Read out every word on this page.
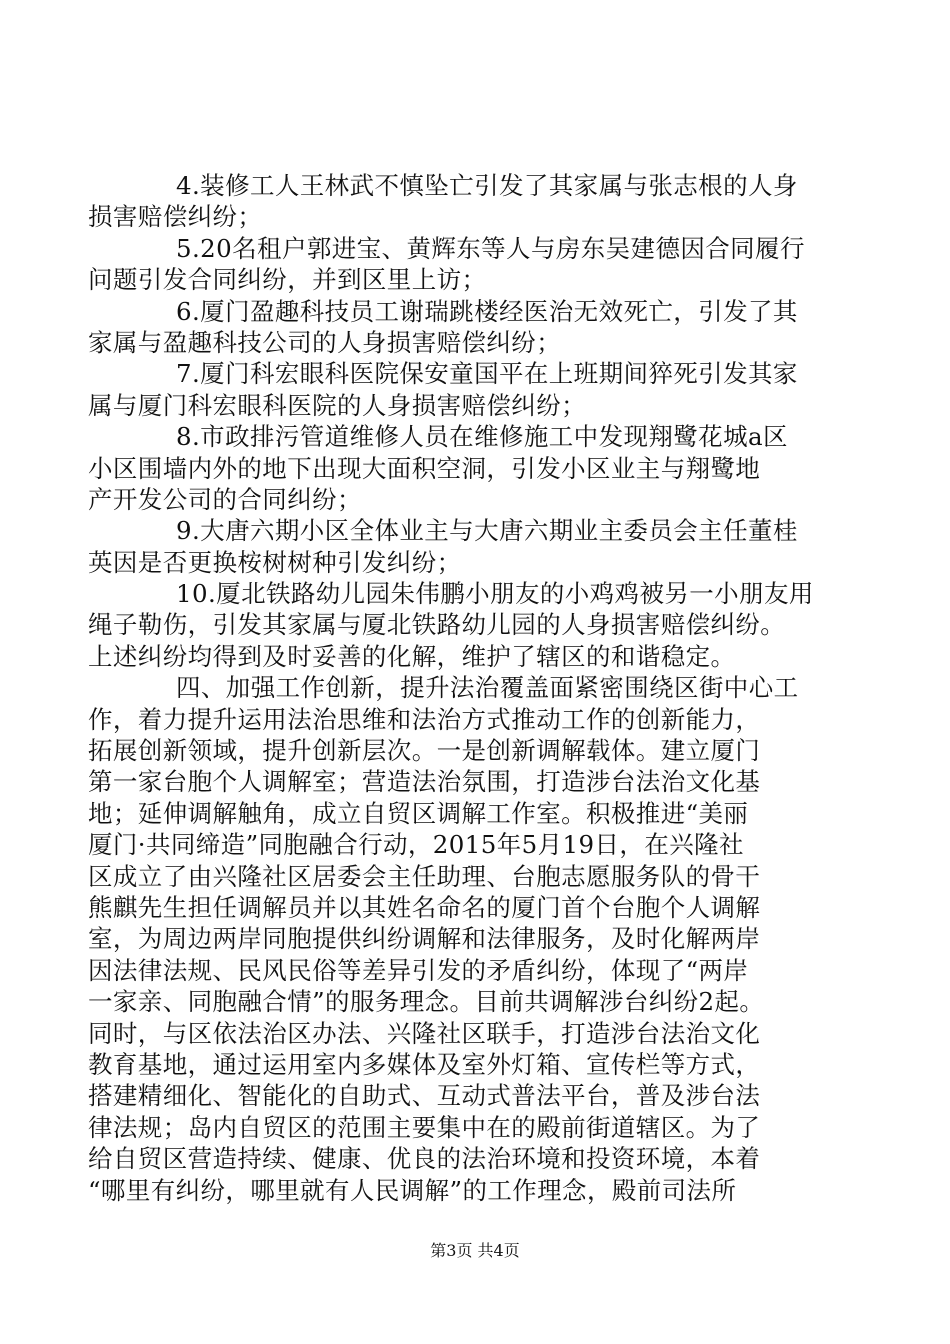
4.装修工人王林武不慎坠亡引发了其家属与张志根的人身
损害赔偿纠纷；
5.20名租户郭进宝、黄辉东等人与房东吴建德因合同履行
问题引发合同纠纷，并到区里上访；
6.厦门盈趣科技员工谢瑞跳楼经医治无效死亡，引发了其
家属与盈趣科技公司的人身损害赔偿纠纷；
7.厦门科宏眼科医院保安童国平在上班期间猝死引发其家
属与厦门科宏眼科医院的人身损害赔偿纠纷；
8.市政排污管道维修人员在维修施工中发现翔鹭花城a区
小区围墙内外的地下出现大面积空洞，引发小区业主与翔鹭地
产开发公司的合同纠纷；
9.大唐六期小区全体业主与大唐六期业主委员会主任董桂
英因是否更换桉树树种引发纠纷；
10.厦北铁路幼儿园朱伟鹏小朋友的小鸡鸡被另一小朋友用
绳子勒伤，引发其家属与厦北铁路幼儿园的人身损害赔偿纠纷。
上述纠纷均得到及时妥善的化解，维护了辖区的和谐稳定。
四、加强工作创新，提升法治覆盖面紧密围绕区街中心工
作，着力提升运用法治思维和法治方式推动工作的创新能力，
拓展创新领域，提升创新层次。一是创新调解载体。建立厦门
第一家台胞个人调解室；营造法治氛围，打造涉台法治文化基
地；延伸调解触角，成立自贸区调解工作室。积极推进“美丽
厦门·共同缔造”同胞融合行动，2015年5月19日，在兴隆社
区成立了由兴隆社区居委会主任助理、台胞志愿服务队的骨干
熊麒先生担任调解员并以其姓名命名的厦门首个台胞个人调解
室，为周边两岸同胞提供纠纷调解和法律服务，及时化解两岸
因法律法规、民风民俗等差异引发的矛盾纠纷，体现了“两岸
一家亲、同胞融合情”的服务理念。目前共调解涉台纠纷2起。
同时，与区依法治区办法、兴隆社区联手，打造涉台法治文化
教育基地，通过运用室内多媒体及室外灯箱、宣传栏等方式，
搭建精细化、智能化的自助式、互动式普法平台，普及涉台法
律法规；岛内自贸区的范围主要集中在的殿前街道辖区。为了
给自贸区营造持续、健康、优良的法治环境和投资环境，本着
“哪里有纠纷，哪里就有人民调解”的工作理念，殿前司法所
第3页 共4页
